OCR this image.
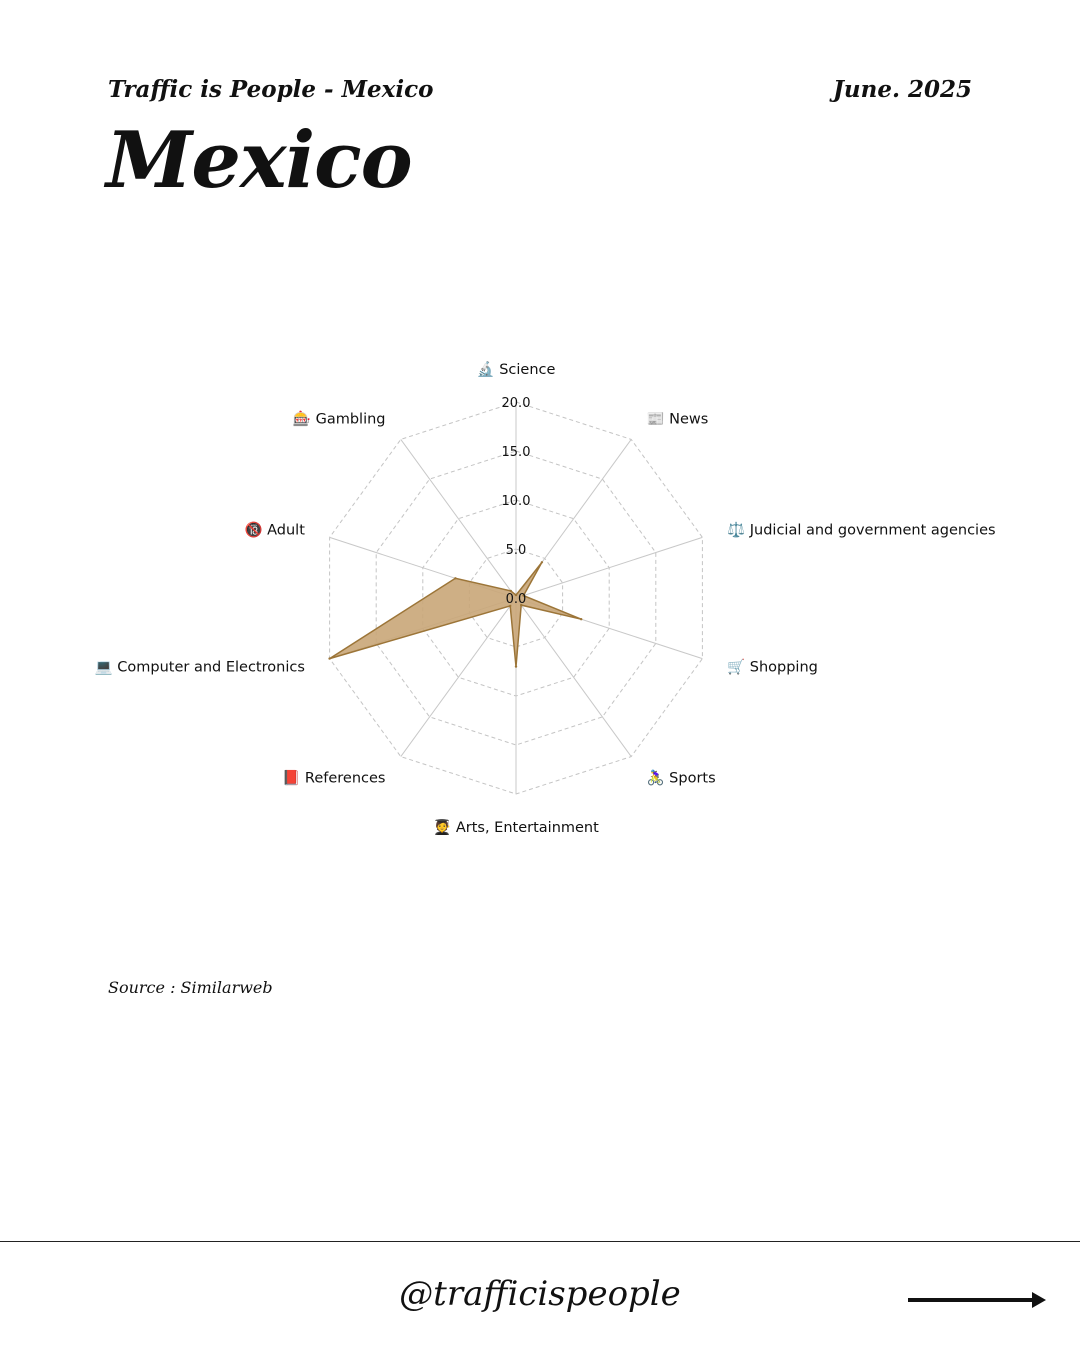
Traffic is People - Mexico	June. 2025
Mexico
0.0
5.0
10.0
15.0
20.0
🔬 Science
📰 News
⚖️ Judicial and government agencies
🛒 Shopping
🚴‍♀️ Sports
🧑‍🎓 Arts, Entertainment
📕 References
💻 Computer and Electronics
🔞 Adult
🎰 Gambling
Source : Similarweb
@trafficispeople
